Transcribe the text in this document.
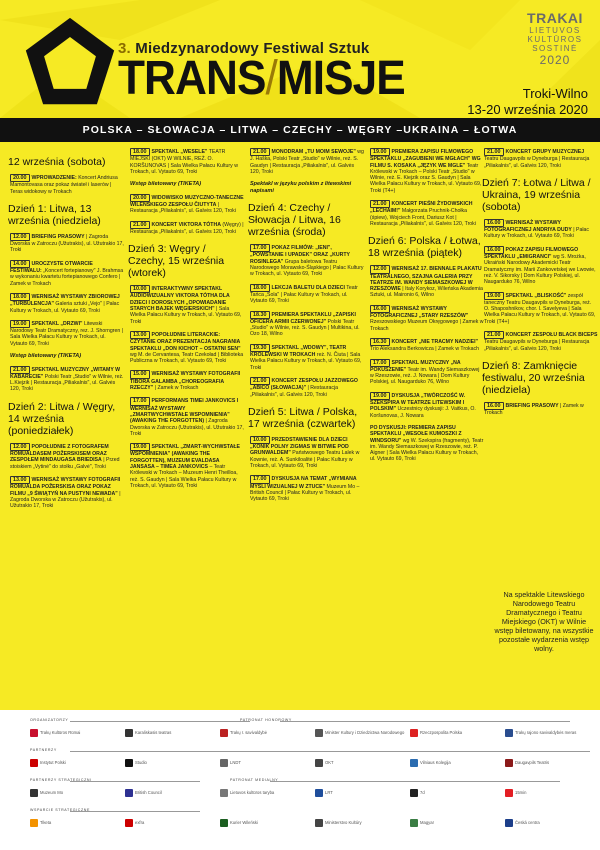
3. Miedzynarodowy Festiwal Sztuk
TRANS/MISJE
TRAKAI
LIETUVOS
KULTŪROS
SOSTINĖ
2020
Troki-Wilno
13-20 września 2020
POLSKA – SŁOWACJA – LITWA – CZECHY – WĘGRY –UKRAINA – ŁOTWA
12 września (sobota)
20.00 WPROWADZENIE: Koncert Andriusa Mamontovasa oraz pokaz świateł i laserów | Teras widokowy w Trokach
Dzień 1: Litwa, 13 września (niedziela)
12.00 BRIEFING PRASOWY | Zagroda Dworska w Zatroczu (Užutrakis), ul. Užutrakio 17, Troki
14.00 UROCZYSTE OTWARCIE FESTIWALU: „Koncert fortepianowy" J. Brahmsa w wykonaniu kwartetu fortepianowego Confero | Zamek w Trokach
18.00 WERNISAŻ WYSTAWY ZBIOROWEJ „TURBULENCJA" Galeria sztuki „Vejo" | Pałac Kultury w Trokach, ul. Vytauto 69, Troki
19.00 SPEKTAKL „DRZWI" Litewski Narodowy Teatr Dramatyczny, rez. J. Shorngren | Sala Wielka Pałacu Kultury w Trokach, ul. Vytauto 69, Troki
Wstęp biletowany (TIKETA)
21.00 SPEKTAKL MUZYCZNY „WITAMY W KABARECIE" Polski Teatr „Studio" w Wilnie, reż. L.Kiejzik | Restauracja „Piliakalnis", ul. Galvės 120, Troki
Dzień 2: Litwa / Węgry, 14 września (poniedziałek)
12.00 POPOŁUDNIE Z FOTOGRAFEM ROMUALDASEM POŽERSKISEM ORAZ ZESPOŁEM MINDAUGASA BRIEDISA | Przed stoiskiem „Vytinė" do stołku „Galvė", Troki
13.00 WERNISAŻ WYSTAWY FOTOGRAFII ROMUALDA POŽERSKISA ORAZ POKAZ FILMU „9 ŚWIĄTYŃ NA PUSTYNI NEWADA" | Zagroda Dworska w Zatroczu (Užutrakis), ul. Užutrakio 17, Troki
18.00 SPEKTAKL „WESELE" TEATR MIEJSKI (OKT) W WILNIE, REŻ. O. KORŠUNOVAS | Sala Wielka Pałacu Kultury w Trokach, ul. Vytauto 69, Troki
Wstęp biletowany (TIKETA)
20.00 WIDOWISKO MUZYCZNO-TANECZNE WILEŃSKIEGO ZESPOŁU ČIUTYTA | Restauracja „Piliakalnis", ul. Galvės 120, Troki
21.00 KONCERT VIKTORA TÓTHA (Węgry) | Restauracja „Piliakalnis", ul. Galvės 120, Troki
Dzień 3: Węgry / Czechy, 15 września (wtorek)
10.00 INTERAKTYWNY SPEKTAKL AUDIOWIZUALNY VIKTORA TÓTHA DLA DZIECI I DOROSŁYCH „OPOWIADANIE STARYCH BAJEK WĘGIERSKICH" | Sala Wielka Pałacu Kultury w Trokach, ul. Vytauto 69, Troki
13.00 POPOŁUDNIE LITERACKIE: CZYTANIE ORAZ PREZENTACJA NAGRANIA SPEKTAKLU „DON KICHOT – OSTATNI SEN" wg M. de Cervantesa, Teatr Czekoład | Biblioteka Publiczna w Trokach, ul. Vytauto 69, Troki
15.00 WERNISAŻ WYSTAWY FOTOGRAFII TIBORA GALAMBA „CHOREOGRAFIA RZECZY" | Zamek w Trokach
17.00 PERFORMANS TIMEI JANKOVICS I WERNISAŻ WYSTAWY „ZMARTWYCHWSTAŁE WSPOMNIENIA" (AWAKING THE FORGOTTEN) | Zagroda Dworska w Zatroczu (Užutrakis), ul. Užutrakio 17, Troki
19.00 SPEKTAKL „ZMART-WYCHWSTAŁE WSPOMNIENIA" (AWAKING THE FORGOTTEN), MUZEUM EVALDASA JANSASA – TIMEA JANKOVICS – Teatr Królewski w Trokach – Muzeum Henri Theilloa, reż. S. Gaudyn | Sala Wielka Pałacu Kultury w Trokach, ul. Vytauto 69, Troki
21.00 MONODRAM „TU MOIM SEWOJE" wg J. Haška, Polski Teatr „Studio" w Wilnie, reż. S. Gaudyn | Restauracja „Piliakalnis", ul. Galvės 120, Troki
Spektakl w języku polskim z litewskimi napisami
Dzień 4: Czechy / Słowacja / Litwa, 16 września (środa)
17.00 POKAZ FILMÓW: „IENI", „POWSTANIE I UPADEK" ORAZ „KURTY ROSINLEGA" Grupa baletowa Teatru Narodowego Morawsko-Śląskiego | Pałac Kultury w Trokach, ul. Vytauto 69, Troki
18.00 LEKCJA BALETU DLA DZIECI Teatr Tańca „Sola" | Pałac Kultury w Trokach, ul. Vytauto 69, Troki
18.30 PREMIERA SPEKTAKLU „ZAPISKI OFICERA ARMII CZERWONEJ" Polski Teatr „Studio" w Wilnie, reż. S. Gaudyn | Multikina, ul. Ozo 18, Wilno
19.30 SPEKTAKL „WDOWY", TEATR KRÓLEWSKI W TROKACH reż. N. Čiuta | Sala Wielka Pałacu Kultury w Trokach, ul. Vytauto 69, Troki
21.00 KONCERT ZESPOŁU JAZZOWEGO „ABICO (SŁOWACJA)" | Restauracja „Piliakalnis", ul. Galvės 120, Troki
Dzień 5: Litwa / Polska, 17 września (czwartek)
10.00 PRZEDSTAWIENIE DLA DZIECI „KONIK POLNY ZIGMAS W BITWIE POD GRUNWALDEM" Państwowego Teatru Lalek w Kownie, reż. A. Sunkiloalitė | Pałac Kultury w Trokach, ul. Vytauto 69, Troki
17.00 DYSKUSJA NA TEMAT „WYMIANA MYŚLI WIZUALNEJ W ZTUCE" Muzeum Mo – British Council | Pałac Kultury w Trokach, ul. Vytauto 69, Troki
19.00 PREMIERA ZAPISU FILMOWEGO SPEKTAKLU „ZAGUBIENI WE MGŁACH" WG FILMU S. KOSAKA „JĘZYK WE MGLE" Teatr Królewski w Trokach – Polski Teatr „Studio" w Wilnie, reż. E. Kiejzik oraz S. Gaudyn | Sala Wielka Pałacu Kultury w Trokach, ul. Vytauto 69, Troki (T4+)
21.00 KONCERT PIEŚNI ŻYDOWSKICH „LECHAIM!" Małgorzata Pruchnik-Chołka (śpiew), Wojciech Front, Dariusz Kot | Restauracja „Piliakalnis", ul. Galvės 120, Troki
Dzień 6: Polska / Łotwa, 18 września (piątek)
12.00 WERNISAŻ 17. BIENNALE PLAKATU TEATRALNEGO, SZAJNA GALERIA PRZY TEATRZE IM. WANDY SIEMASZKOWEJ W RZESZOWIE | Italy Korykoz, Wileńska Akademia Sztuki, ul. Maironio 6, Wilno
16.00 WERNISAŻ WYSTAWY FOTOGRAFICZNEJ „STARY RZESZÓW" Rzeszowskiego Muzeum Okręgowego | Zamek w Trokach
16.30 KONCERT „NIE TRACMY NADZIEI" Trio Aleksandra Berkowicza | Zamek w Trokach
17.00 SPEKTAKL MUZYCZNY „NA POKUSZENIE" Teatr im. Wandy Siemaszkowej w Rzeszowie, reż. J. Nowara | Dom Kultury Polskiej, ul. Naugarduko 76, Wilno
19.00 DYSKUSJA „TWÓRCZOŚĆ W. SZEKSPIRA W TEATRZE LITEWSKIM I POLSKIM" Uczestnicy dyskusji: J. Vaitkus, O. Koršunovas, J. Nowara
PO DYSKUSJI: PREMIERA ZAPISU SPEKTAKLU „WESOŁE KUMOSZKI Z WINDSORU" wg W. Szekspira (fragmenty), Teatr im. Wandy Siemaszkowej w Rzeszowie, reż. P. Aigner | Sala Wielka Pałacu Kultury w Trokach, ul. Vytauto 69, Troki
21.00 KONCERT GRUPY MUZYCZNEJ Teatru Daugavpils w Dyneburga | Restauracja „Piliakalnis", ul. Galvės 120, Troki
Dzień 7: Łotwa / Litwa / Ukraina, 19 września (sobota)
16.00 WERNISAŻ WYSTAWY FOTOGRAFICZNEJ ANDRIYA DUDY | Pałac Kultury w Trokach, ul. Vytauto 69, Troki
16.00 POKAZ ZAPISU FILMOWEGO SPEKTAKLU „EMIGRANCI" wg S. Mrożka, Ukraiński Narodowy Akademicki Teatr Dramatyczny im. Marii Zankovetskej we Lwowie, reż. V. Sikorsky | Dom Kultury Polskiej, ul. Naugarduko 76, Wilno
19.00 SPEKTAKL „BLISKOŚĆ" zespół taneczny Teatru Daugavpils w Dyneburga, reż. O. Shaposhnikov, chor. I. Savelyeva | Sala Wielka Pałacu Kultury w Trokach, ul. Vytauto 69, Troki (T4+)
21.00 KONCERT ZESPOŁU BLACK BICEPS Teatru Daugavpils w Dyneburga | Restauracja „Piliakalnis", ul. Galvės 120, Troki
Dzień 8: Zamknięcie festiwalu, 20 września (niedziela)
16.00 BRIEFING PRASOWY | Zamek w Trokach
Na spektakle Litewskiego Narodowego Teatru Dramatycznego i Teatru Miejskiego (OKT) w Wilnie wstęp biletowany, na wszystkie pozostałe wydarzenia wstęp wolny.
ORGANIZATORZY	PATRONAT HONOROWY
PARTNERZY
PARTNERZY STRATEGICZNI	PATRONAT MEDIALNY
WSPARCIE STRATEGICZNE
Trakų Kultūros Rūmai	Karaliskasis teatras	Trakų r. savivaldybė	Minister Kultury i Dziedzictwa Narodowego	Rzeczpospolita Polska	Trakų rajono savivaldybės meras
Instytut Polski	Studio	LNDT	OKT	Vilniaus Kolegija	Daugavpils Teatris
Muzeum Mo	British Council	Lietuvos kultūros taryba	LRT	7d	15min
Tiketa	exfra	Kurier Wileński	Ministerstvo Kultúry	Magyar	Česká centra
